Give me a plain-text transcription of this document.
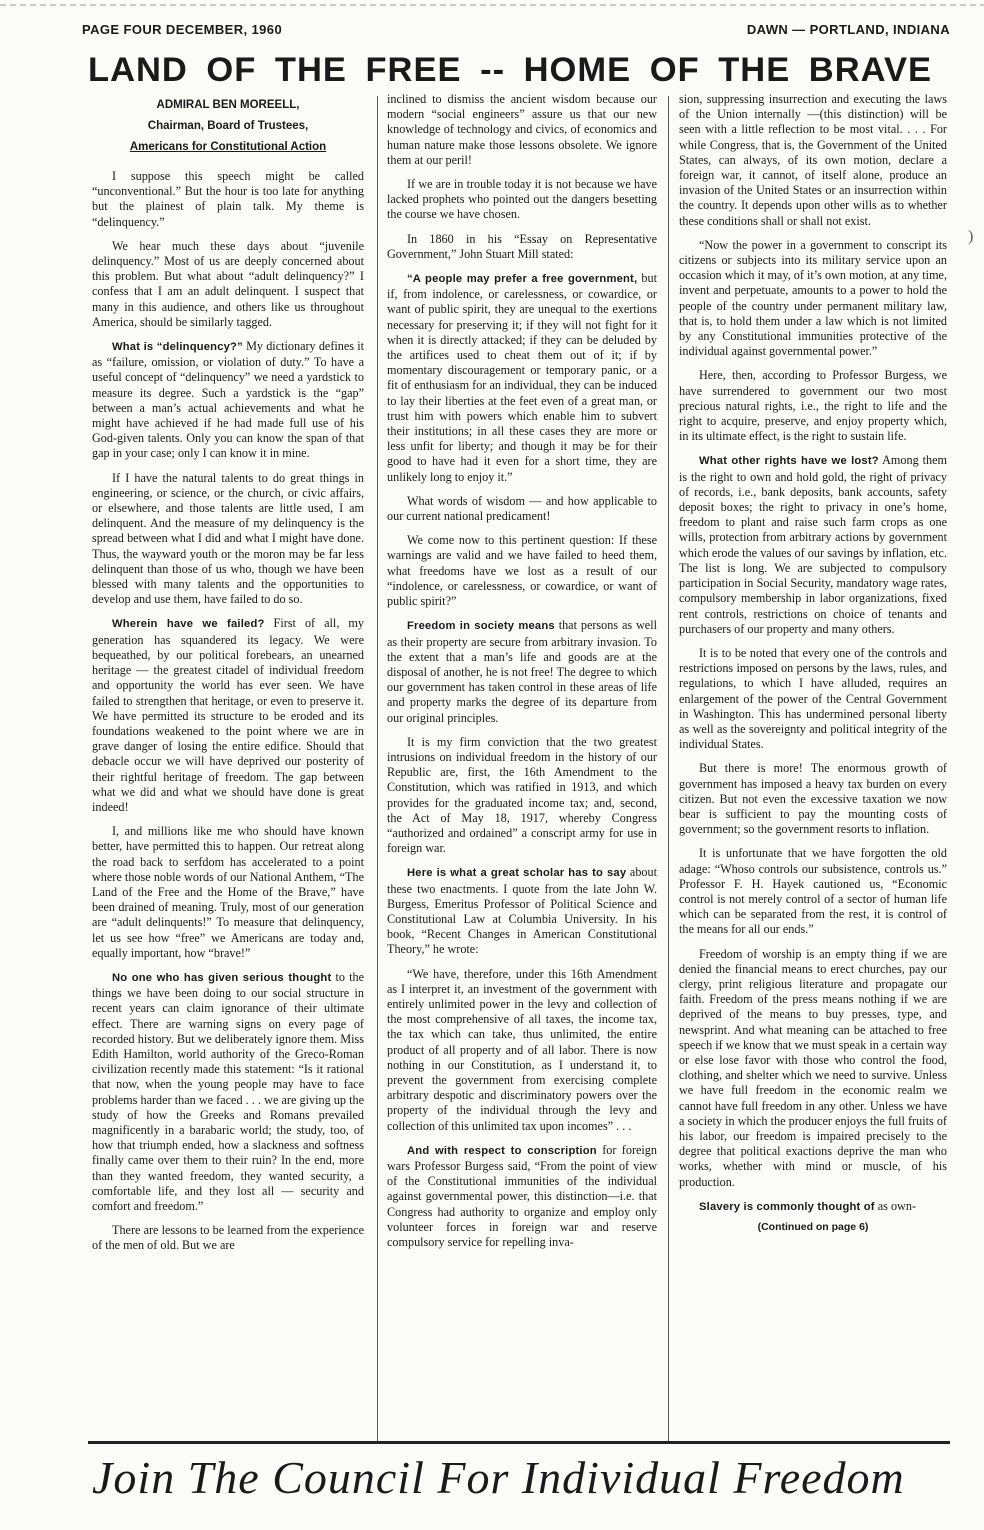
PAGE FOUR DECEMBER, 1960	DAWN — PORTLAND, INDIANA
LAND OF THE FREE -- HOME OF THE BRAVE
ADMIRAL BEN MOREELL,
Chairman, Board of Trustees,
Americans for Constitutional Action

I suppose this speech might be called “unconventional.” But the hour is too late for anything but the plainest of plain talk. My theme is “delinquency.”

We hear much these days about “juvenile delinquency.” Most of us are deeply concerned about this problem. But what about “adult delinquency?” I confess that I am an adult delinquent. I suspect that many in this audience, and others like us throughout America, should be similarly tagged.

What is “delinquency?” My dictionary defines it as “failure, omission, or violation of duty.” To have a useful concept of “delinquency” we need a yardstick to measure its degree. Such a yardstick is the “gap” between a man’s actual achievements and what he might have achieved if he had made full use of his God-given talents. Only you can know the span of that gap in your case; only I can know it in mine.

If I have the natural talents to do great things in engineering, or science, or the church, or civic affairs, or elsewhere, and those talents are little used, I am delinquent. And the measure of my delinquency is the spread between what I did and what I might have done. Thus, the wayward youth or the moron may be far less delinquent than those of us who, though we have been blessed with many talents and the opportunities to develop and use them, have failed to do so.

Wherein have we failed? First of all, my generation has squandered its legacy. We were bequeathed, by our political forebears, an unearned heritage — the greatest citadel of individual freedom and opportunity the world has ever seen. We have failed to strengthen that heritage, or even to preserve it. We have permitted its structure to be eroded and its foundations weakened to the point where we are in grave danger of losing the entire edifice. Should that debacle occur we will have deprived our posterity of their rightful heritage of freedom. The gap between what we did and what we should have done is great indeed!

I, and millions like me who should have known better, have permitted this to happen. Our retreat along the road back to serfdom has accelerated to a point where those noble words of our National Anthem, “The Land of the Free and the Home of the Brave,” have been drained of meaning. Truly, most of our generation are “adult delinquents!” To measure that delinquency, let us see how “free” we Americans are today and, equally important, how “brave!”

No one who has given serious thought to the things we have been doing to our social structure in recent years can claim ignorance of their ultimate effect. There are warning signs on every page of recorded history. But we deliberately ignore them. Miss Edith Hamilton, world authority of the Greco-Roman civilization recently made this statement: “Is it rational that now, when the young people may have to face problems harder than we faced . . . we are giving up the study of how the Greeks and Romans prevailed magnificently in a barabaric world; the study, too, of how that triumph ended, how a slackness and softness finally came over them to their ruin? In the end, more than they wanted freedom, they wanted security, a comfortable life, and they lost all — security and comfort and freedom.”

There are lessons to be learned from the experience of the men of old. But we are

inclined to dismiss the ancient wisdom because our modern “social engineers” assure us that our new knowledge of technology and civics, of economics and human nature make those lessons obsolete. We ignore them at our peril!

If we are in trouble today it is not because we have lacked prophets who pointed out the dangers besetting the course we have chosen.

In 1860 in his “Essay on Representative Government,” John Stuart Mill stated:

“A people may prefer a free government, but if, from indolence, or carelessness, or cowardice, or want of public spirit, they are unequal to the exertions necessary for preserving it; if they will not fight for it when it is directly attacked; if they can be deluded by the artifices used to cheat them out of it; if by momentary discouragement or temporary panic, or a fit of enthusiasm for an individual, they can be induced to lay their liberties at the feet even of a great man, or trust him with powers which enable him to subvert their institutions; in all these cases they are more or less unfit for liberty; and though it may be for their good to have had it even for a short time, they are unlikely long to enjoy it.”

What words of wisdom — and how applicable to our current national predicament!

We come now to this pertinent question: If these warnings are valid and we have failed to heed them, what freedoms have we lost as a result of our “indolence, or carelessness, or cowardice, or want of public spirit?”

Freedom in society means that persons as well as their property are secure from arbitrary invasion. To the extent that a man’s life and goods are at the disposal of another, he is not free! The degree to which our government has taken control in these areas of life and property marks the degree of its departure from our original principles.

It is my firm conviction that the two greatest intrusions on individual freedom in the history of our Republic are, first, the 16th Amendment to the Constitution, which was ratified in 1913, and which provides for the graduated income tax; and, second, the Act of May 18, 1917, whereby Congress “authorized and ordained” a conscript army for use in foreign war.

Here is what a great scholar has to say about these two enactments. I quote from the late John W. Burgess, Emeritus Professor of Political Science and Constitutional Law at Columbia University. In his book, “Recent Changes in American Constitutional Theory,” he wrote:

“We have, therefore, under this 16th Amendment as I interpret it, an investment of the government with entirely unlimited power in the levy and collection of the most comprehensive of all taxes, the income tax, the tax which can take, thus unlimited, the entire product of all property and of all labor. There is now nothing in our Constitution, as I understand it, to prevent the government from exercising complete arbitrary despotic and discriminatory powers over the property of the individual through the levy and collection of this unlimited tax upon incomes” . . .

And with respect to conscription for foreign wars Professor Burgess said, “From the point of view of the Constitutional immunities of the individual against governmental power, this distinction—i.e. that Congress had authority to organize and employ only volunteer forces in foreign war and reserve compulsory service for repelling inva-

sion, suppressing insurrection and executing the laws of the Union internally —(this distinction) will be seen with a little reflection to be most vital. . . . For while Congress, that is, the Government of the United States, can always, of its own motion, declare a foreign war, it cannot, of itself alone, produce an invasion of the United States or an insurrection within the country. It depends upon other wills as to whether these conditions shall or shall not exist.

“Now the power in a government to conscript its citizens or subjects into its military service upon an occasion which it may, of it’s own motion, at any time, invent and perpetuate, amounts to a power to hold the people of the country under permanent military law, that is, to hold them under a law which is not limited by any Constitutional immunities protective of the individual against governmental power.”

Here, then, according to Professor Burgess, we have surrendered to government our two most precious natural rights, i.e., the right to life and the right to acquire, preserve, and enjoy property which, in its ultimate effect, is the right to sustain life.

What other rights have we lost? Among them is the right to own and hold gold, the right of privacy of records, i.e., bank deposits, bank accounts, safety deposit boxes; the right to privacy in one’s home, freedom to plant and raise such farm crops as one wills, protection from arbitrary actions by government which erode the values of our savings by inflation, etc. The list is long. We are subjected to compulsory participation in Social Security, mandatory wage rates, compulsory membership in labor organizations, fixed rent controls, restrictions on choice of tenants and purchasers of our property and many others.

It is to be noted that every one of the controls and restrictions imposed on persons by the laws, rules, and regulations, to which I have alluded, requires an enlargement of the power of the Central Government in Washington. This has undermined personal liberty as well as the sovereignty and political integrity of the individual States.

But there is more! The enormous growth of government has imposed a heavy tax burden on every citizen. But not even the excessive taxation we now bear is sufficient to pay the mounting costs of government; so the government resorts to inflation.

It is unfortunate that we have forgotten the old adage: “Whoso controls our subsistence, controls us.” Professor F. H. Hayek cautioned us, “Economic control is not merely control of a sector of human life which can be separated from the rest, it is control of the means for all our ends.”

Freedom of worship is an empty thing if we are denied the financial means to erect churches, pay our clergy, print religious literature and propagate our faith. Freedom of the press means nothing if we are deprived of the means to buy presses, type, and newsprint. And what meaning can be attached to free speech if we know that we must speak in a certain way or else lose favor with those who control the food, clothing, and shelter which we need to survive. Unless we have full freedom in the economic realm we cannot have full freedom in any other. Unless we have a society in which the producer enjoys the full fruits of his labor, our freedom is impaired precisely to the degree that political exactions deprive the man who works, whether with mind or muscle, of his production.

Slavery is commonly thought of as own-

(Continued on page 6)
)
Join The Council For Individual Freedom
